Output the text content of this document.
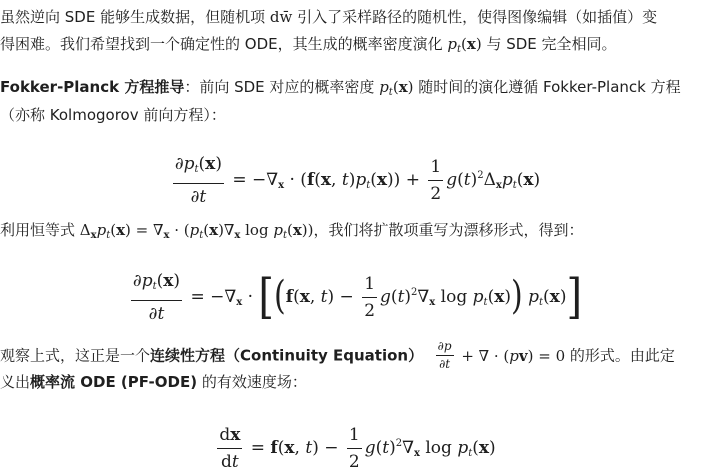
虽然逆向 SDE 能够生成数据，但随机项 dw̄ 引入了采样路径的随机性，使得图像编辑（如插值）变
得困难。我们希望找到一个确定性的 ODE，其生成的概率密度演化 $p_t(x)$ 与 SDE 完全相同。
Fokker-Planck 方程推导：前向 SDE 对应的概率密度 $p_t(x)$ 随时间的演化遵循 Fokker-Planck 方程
（亦称 Kolmogorov 前向方程）：
$\frac{\partial p_t(x)}{\partial t} = -\nabla_x \cdot (f(x$, $t)p_t(x)) + \frac{1}{2} g(t)^2\Delta_xp_t(x)$
利用恒等式 $\Delta_xp_t(x) = \nabla_x \cdot (p_t(x)\nabla_x$ $\log p_t(x)$)，我们将扩散项重写为漂移形式，得到：
$\frac{\partial p_t(x)}{\partial t} = -\nabla_x$ · [ ( f(x, $t) - \frac{1}{2} g(t)^2\nabla_x$ $\log p_t(x)$ ) $p_t(x)$ ]
观察上式，这正是一个连续性方程（Continuity Equation） $\frac{\partial p}{\partial t}$ + ∇ · ( p v ) = 0 的形式。由此定
义出概率流 ODE (PF-ODE) 的有效速度场：
$\frac{dx}{dt} = f(x$, $t) - \frac{1}{2} g(t)^2\nabla_x$ $\log p_t(x)$
